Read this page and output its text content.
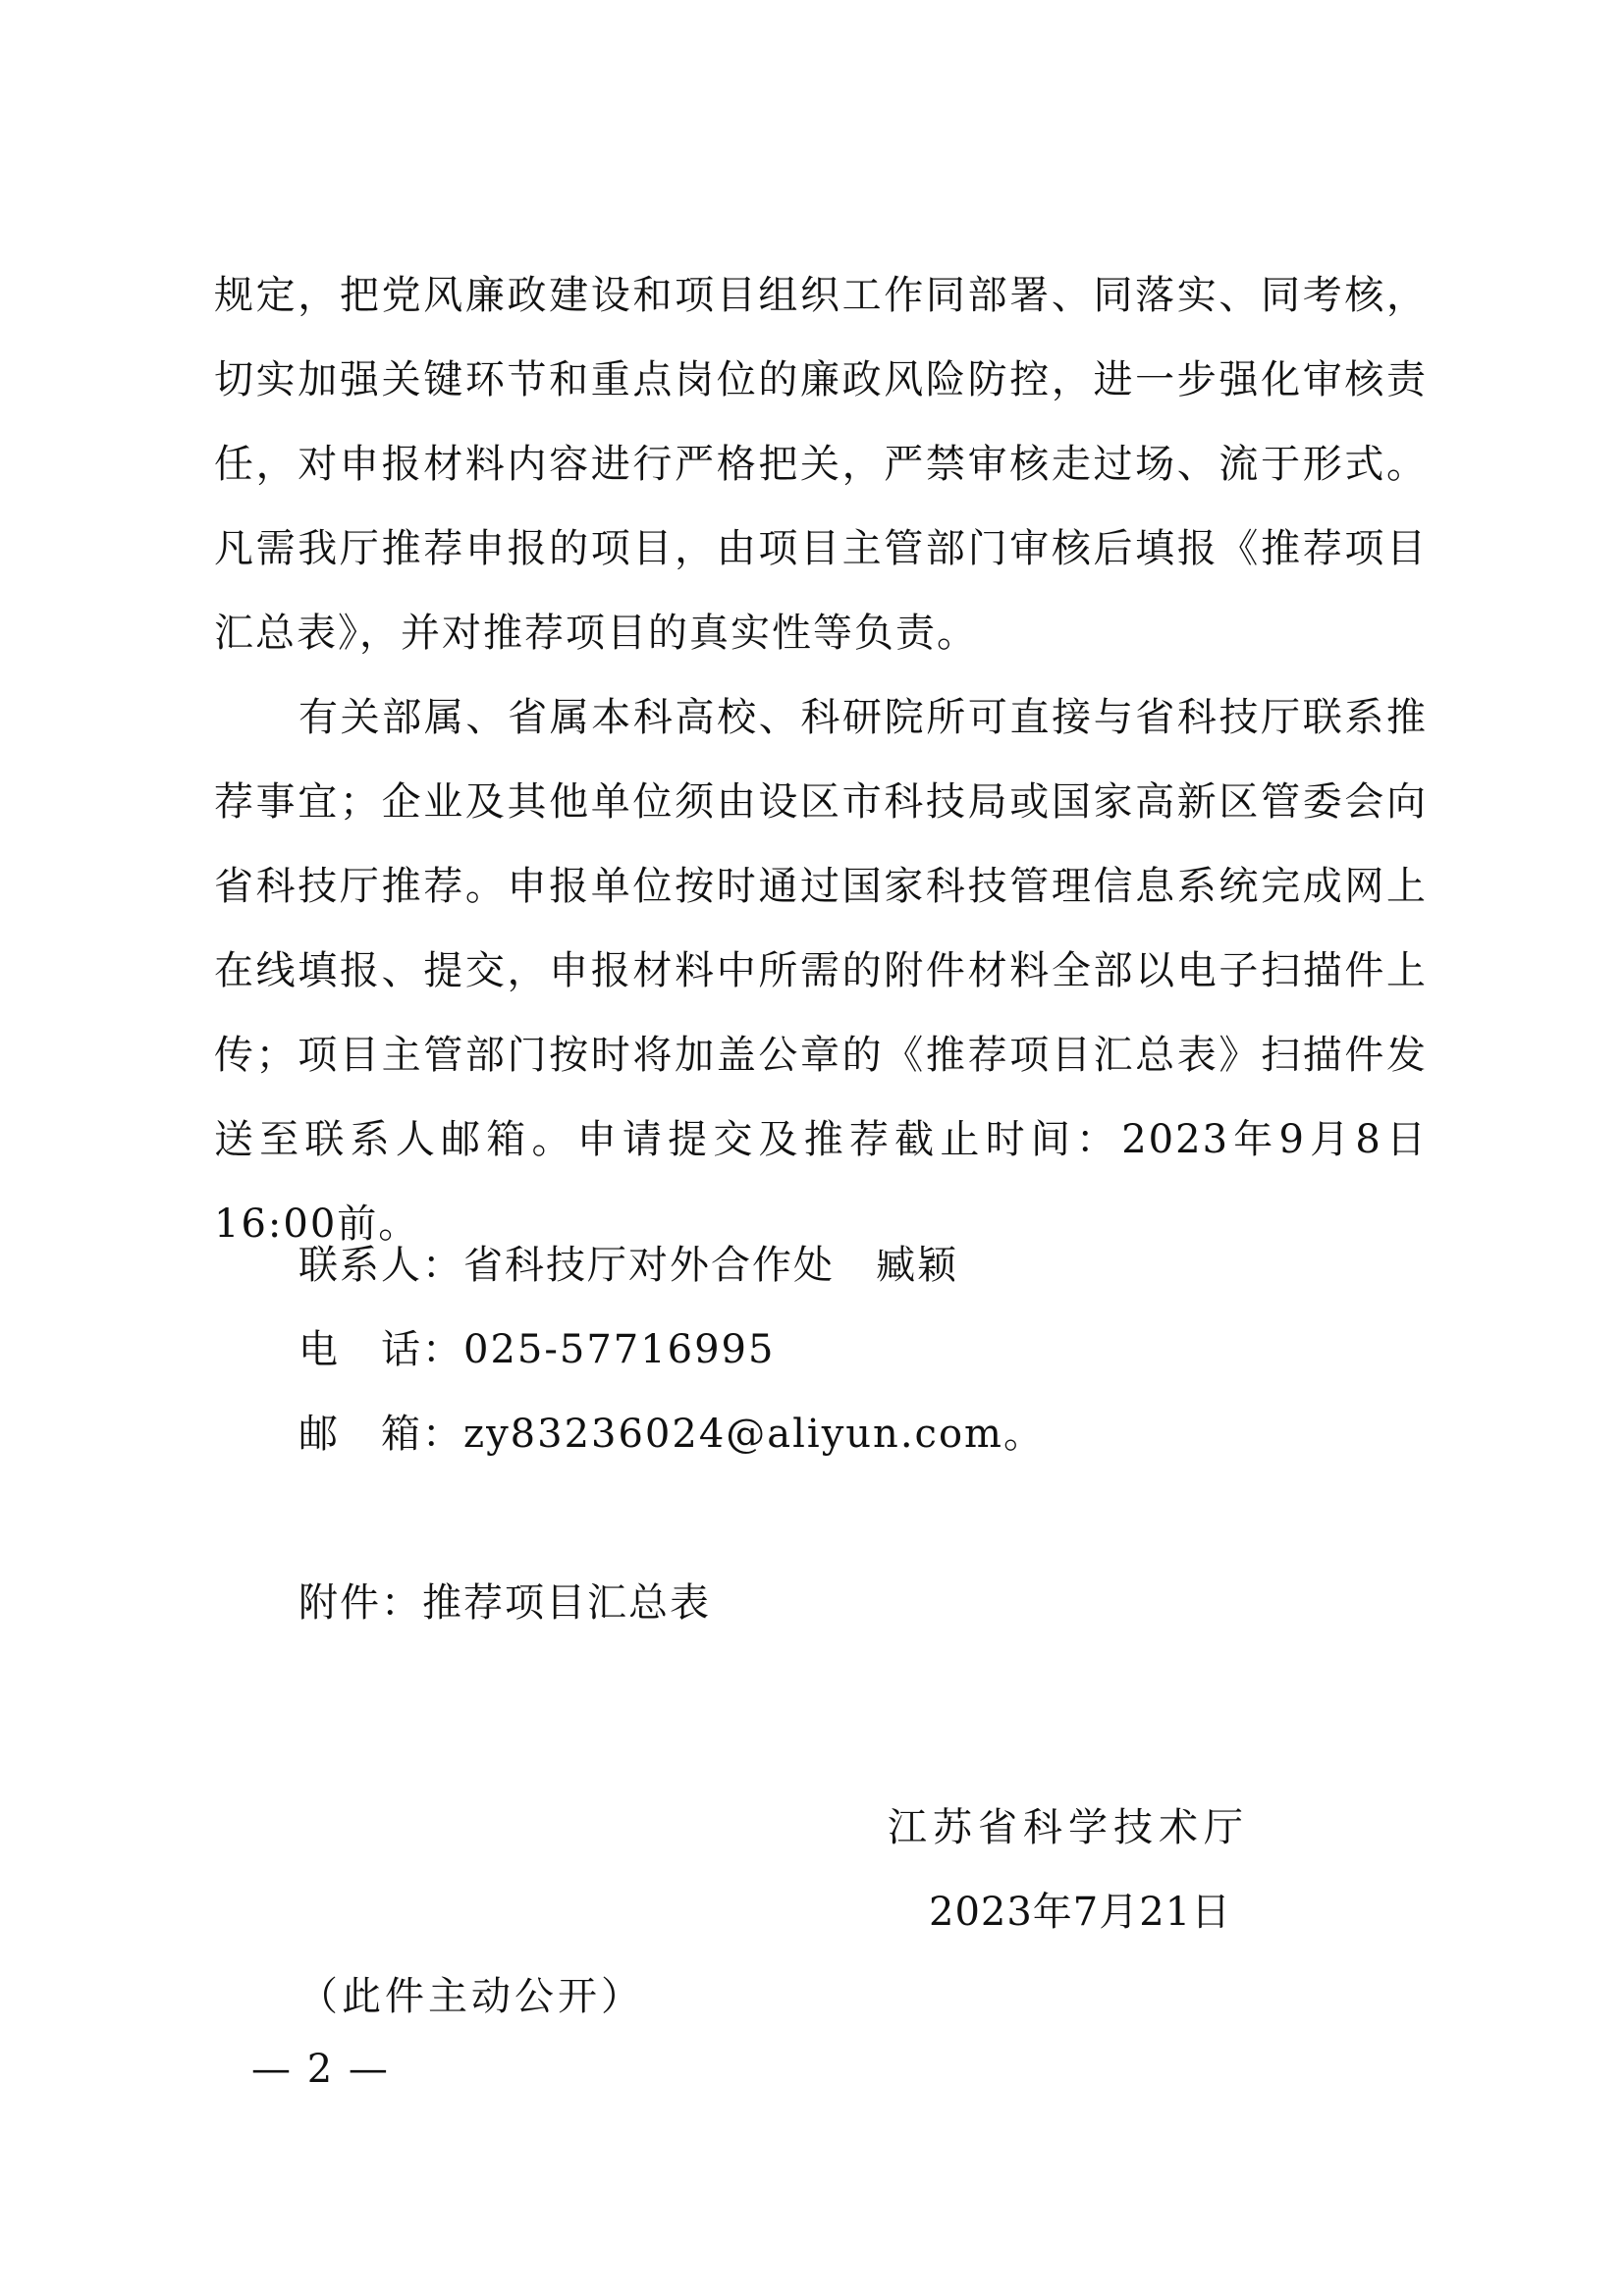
规定，把党风廉政建设和项目组织工作同部署、同落实、同考核，切实加强关键环节和重点岗位的廉政风险防控，进一步强化审核责任，对申报材料内容进行严格把关，严禁审核走过场、流于形式。凡需我厅推荐申报的项目，由项目主管部门审核后填报《推荐项目汇总表》，并对推荐项目的真实性等负责。

有关部属、省属本科高校、科研院所可直接与省科技厅联系推荐事宜；企业及其他单位须由设区市科技局或国家高新区管委会向省科技厅推荐。申报单位按时通过国家科技管理信息系统完成网上在线填报、提交，申报材料中所需的附件材料全部以电子扫描件上传；项目主管部门按时将加盖公章的《推荐项目汇总表》扫描件发送至联系人邮箱。申请提交及推荐截止时间：2023年9月8日16:00前。

联系人：省科技厅对外合作处　臧颖
电　话：025-57716995
邮　箱：zy83236024@aliyun.com。
附件：推荐项目汇总表
江苏省科学技术厅
2023年7月21日
（此件主动公开）
— 2 —
